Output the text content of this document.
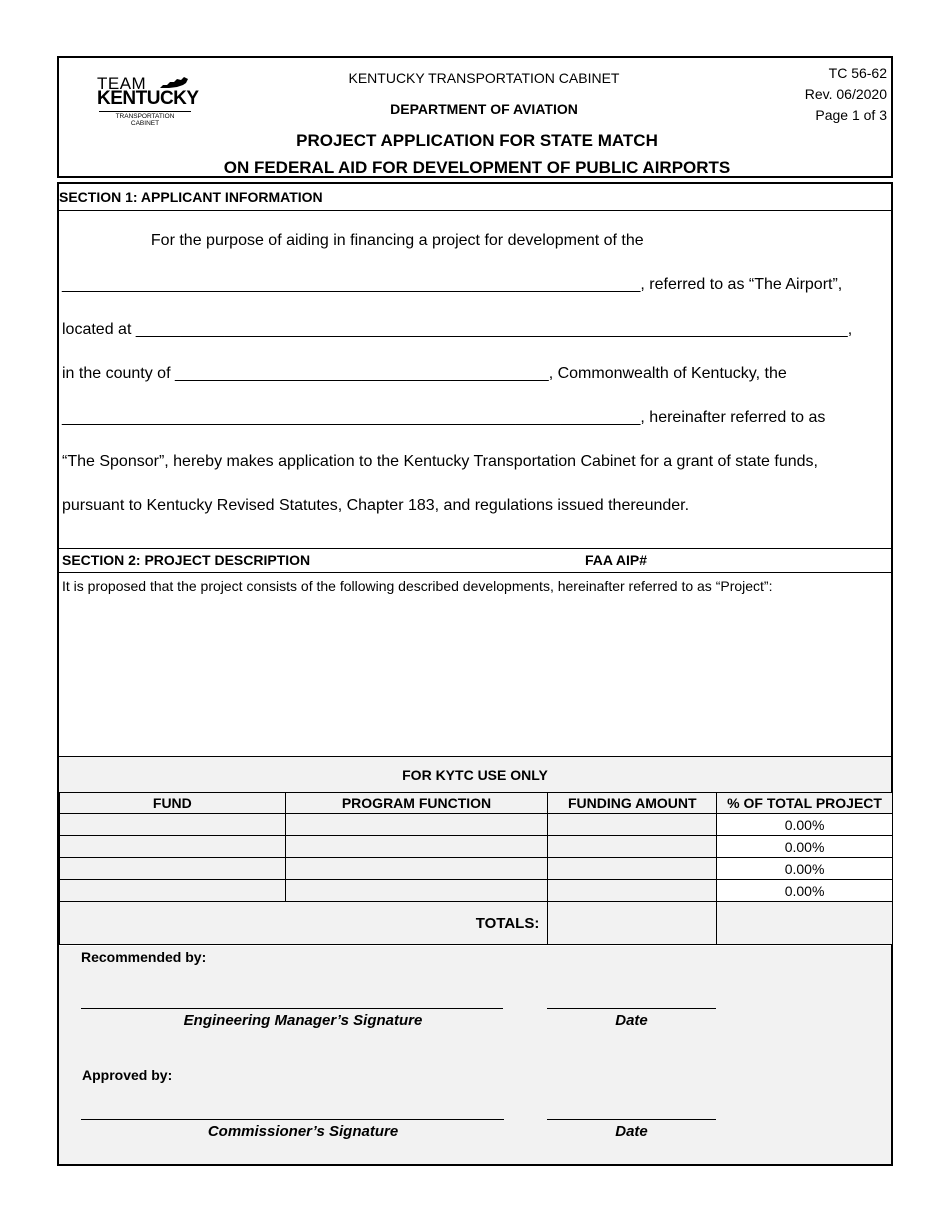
TEAM
KENTUCKY
TRANSPORTATION
CABINET
KENTUCKY TRANSPORTATION CABINET
DEPARTMENT OF AVIATION
PROJECT APPLICATION FOR STATE MATCH
ON FEDERAL AID FOR DEVELOPMENT OF PUBLIC AIRPORTS
TC 56-62
Rev. 06/2020
Page 1 of 3
SECTION 1: APPLICANT INFORMATION
For the purpose of aiding in financing a project for development of the
_________________________________________________________________, referred to as “The Airport”,
located at ________________________________________________________________________________,
in the county of __________________________________________, Commonwealth of Kentucky, the
_________________________________________________________________, hereinafter referred to as
“The Sponsor”, hereby makes application to the Kentucky Transportation Cabinet for a grant of state funds,
pursuant to Kentucky Revised Statutes, Chapter 183, and regulations issued thereunder.
SECTION 2: PROJECT DESCRIPTION	FAA AIP#
It is proposed that the project consists of the following described developments, hereinafter referred to as “Project”:
FOR KYTC USE ONLY
FUND	PROGRAM FUNCTION	FUNDING AMOUNT	% OF TOTAL PROJECT
			0.00%
			0.00%
			0.00%
			0.00%
TOTALS:			
Recommended by:
Engineering Manager’s Signature	Date
Approved by:
Commissioner’s Signature	Date
